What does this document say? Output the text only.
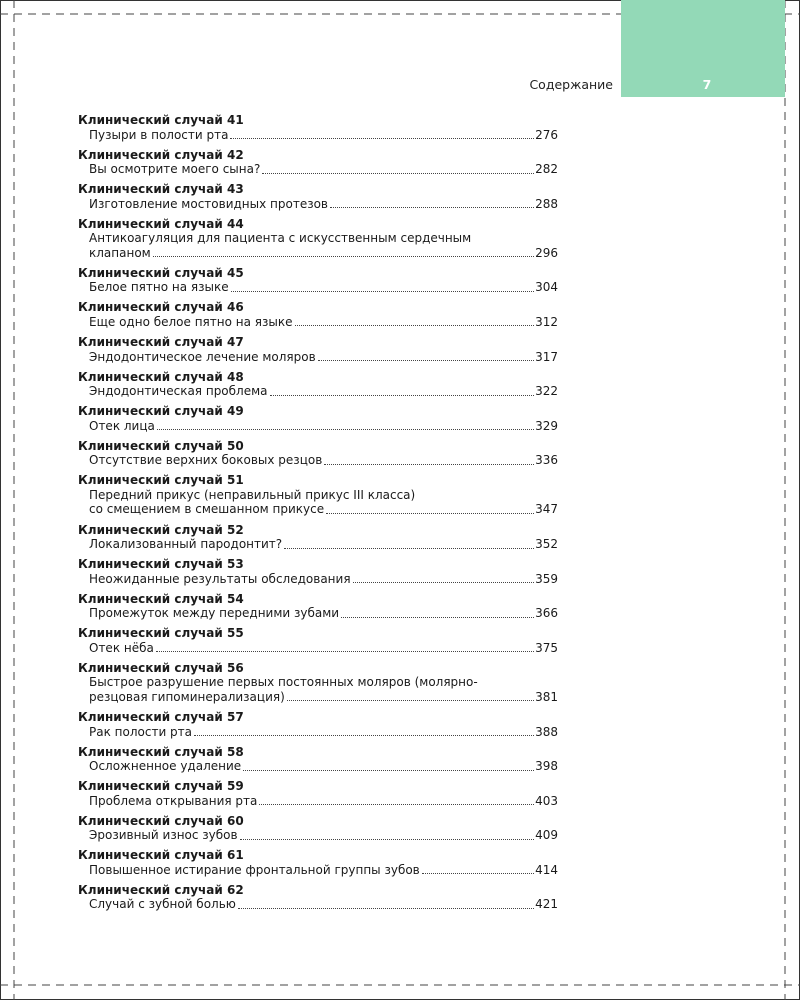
Содержание	7
Клинический случай 41
Пузыри в полости рта	276
Клинический случай 42
Вы осмотрите моего сына?	282
Клинический случай 43
Изготовление мостовидных протезов	288
Клинический случай 44
Антикоагуляция для пациента с искусственным сердечным
клапаном	296
Клинический случай 45
Белое пятно на языке	304
Клинический случай 46
Еще одно белое пятно на языке	312
Клинический случай 47
Эндодонтическое лечение моляров	317
Клинический случай 48
Эндодонтическая проблема	322
Клинический случай 49
Отек лица	329
Клинический случай 50
Отсутствие верхних боковых резцов	336
Клинический случай 51
Передний прикус (неправильный прикус III класса)
со смещением в смешанном прикусе	347
Клинический случай 52
Локализованный пародонтит?	352
Клинический случай 53
Неожиданные результаты обследования	359
Клинический случай 54
Промежуток между передними зубами	366
Клинический случай 55
Отек нёба	375
Клинический случай 56
Быстрое разрушение первых постоянных моляров (молярно-
резцовая гипоминерализация)	381
Клинический случай 57
Рак полости рта	388
Клинический случай 58
Осложненное удаление	398
Клинический случай 59
Проблема открывания рта	403
Клинический случай 60
Эрозивный износ зубов	409
Клинический случай 61
Повышенное истирание фронтальной группы зубов	414
Клинический случай 62
Случай с зубной болью	421
